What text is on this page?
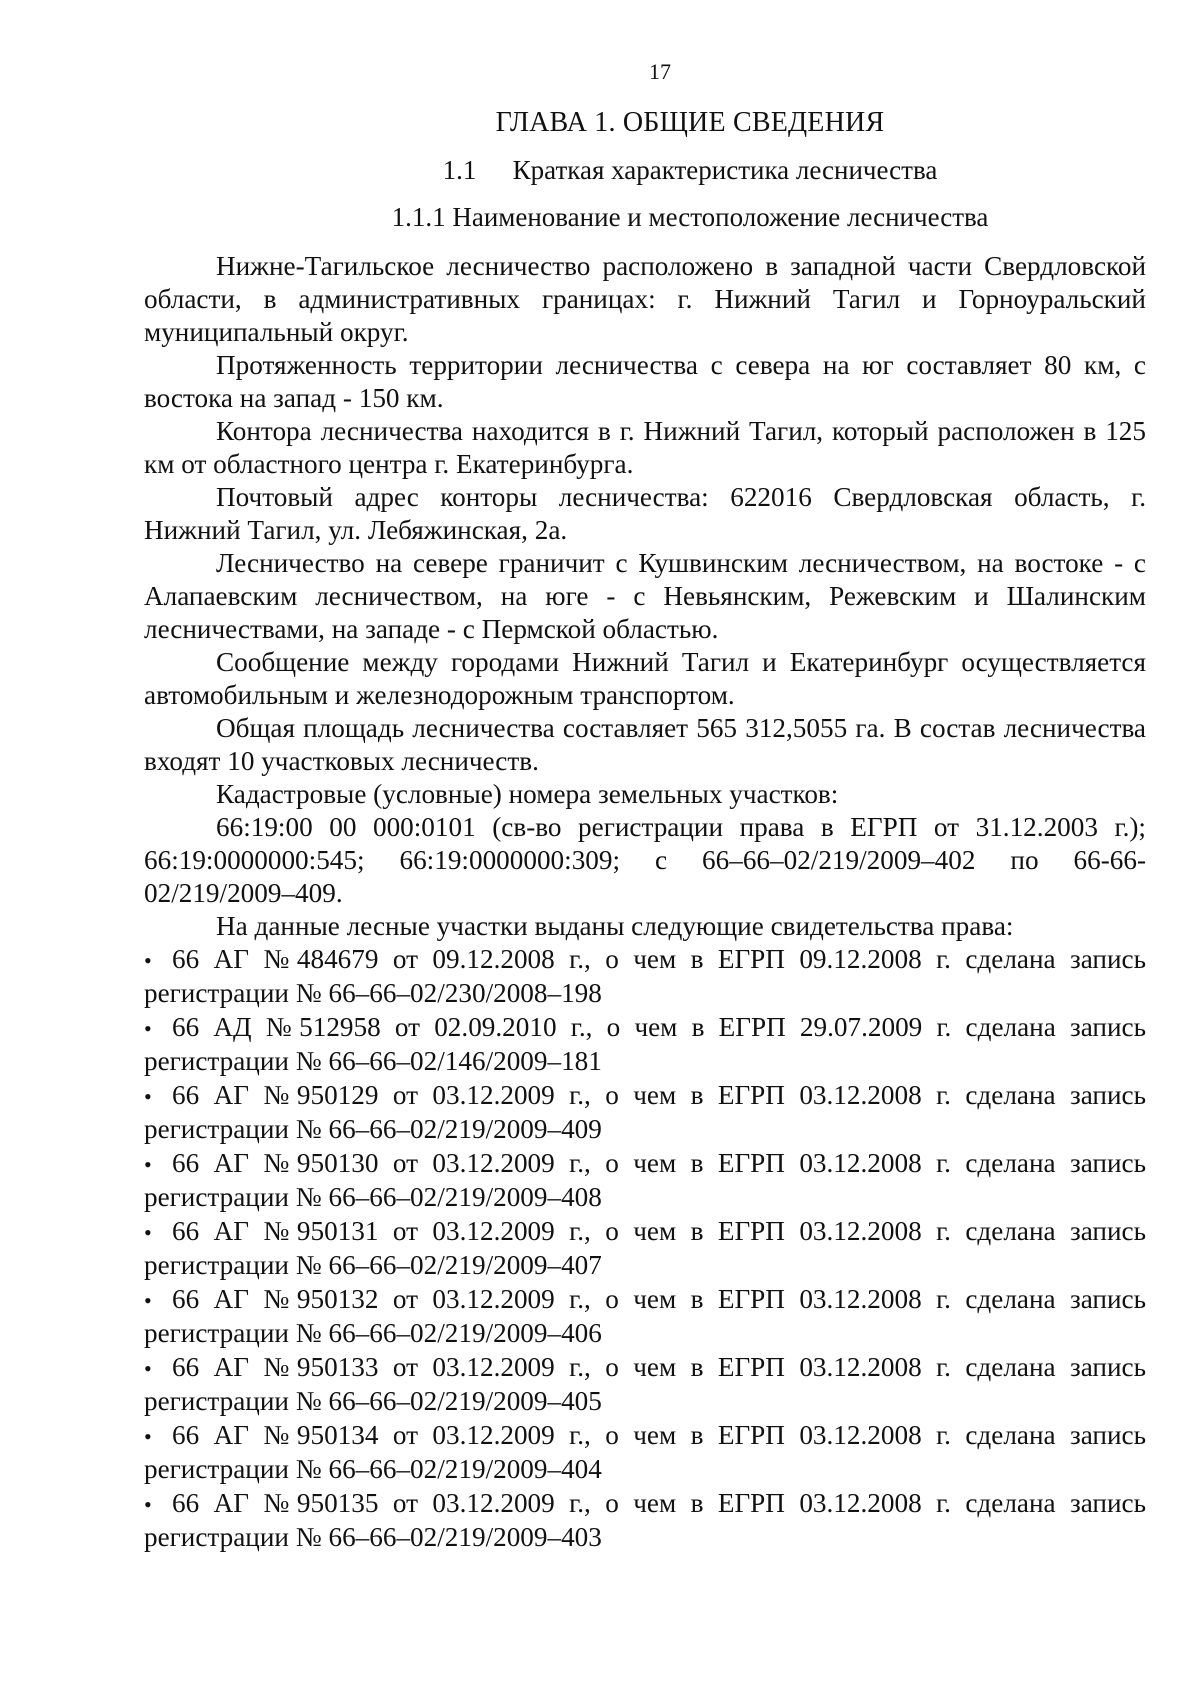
17
ГЛАВА 1. ОБЩИЕ СВЕДЕНИЯ
1.1 Краткая характеристика лесничества
1.1.1 Наименование и местоположение лесничества

Нижне-Тагильское лесничество расположено в западной части Свердловской области, в административных границах: г. Нижний Тагил и Горноуральский муниципальный округ.

Протяженность территории лесничества с севера на юг составляет 80 км, с востока на запад - 150 км.

Контора лесничества находится в г. Нижний Тагил, который расположен в 125 км от областного центра г. Екатеринбурга.

Почтовый адрес конторы лесничества: 622016 Свердловская область, г. Нижний Тагил, ул. Лебяжинская, 2а.

Лесничество на севере граничит с Кушвинским лесничеством, на востоке - с Алапаевским лесничеством, на юге - с Невьянским, Режевским и Шалинским лесничествами, на западе - с Пермской областью.

Сообщение между городами Нижний Тагил и Екатеринбург осуществляется автомобильным и железнодорожным транспортом.

Общая площадь лесничества составляет 565 312,5055 га. В состав лесничества входят 10 участковых лесничеств.

Кадастровые (условные) номера земельных участков:

66:19:00 00 000:0101 (св-во регистрации права в ЕГРП от 31.12.2003 г.); 66:19:0000000:545; 66:19:0000000:309; с 66–66–02/219/2009–402 по 66-66-02/219/2009–409.

На данные лесные участки выданы следующие свидетельства права:

• 66 АГ №484679 от 09.12.2008 г., о чем в ЕГРП 09.12.2008 г. сделана запись регистрации № 66–66–02/230/2008–198
• 66 АД №512958 от 02.09.2010 г., о чем в ЕГРП 29.07.2009 г. сделана запись регистрации № 66–66–02/146/2009–181
• 66 АГ №950129 от 03.12.2009 г., о чем в ЕГРП 03.12.2008 г. сделана запись регистрации № 66–66–02/219/2009–409
• 66 АГ №950130 от 03.12.2009 г., о чем в ЕГРП 03.12.2008 г. сделана запись регистрации № 66–66–02/219/2009–408
• 66 АГ №950131 от 03.12.2009 г., о чем в ЕГРП 03.12.2008 г. сделана запись регистрации № 66–66–02/219/2009–407
• 66 АГ №950132 от 03.12.2009 г., о чем в ЕГРП 03.12.2008 г. сделана запись регистрации № 66–66–02/219/2009–406
• 66 АГ №950133 от 03.12.2009 г., о чем в ЕГРП 03.12.2008 г. сделана запись регистрации № 66–66–02/219/2009–405
• 66 АГ №950134 от 03.12.2009 г., о чем в ЕГРП 03.12.2008 г. сделана запись регистрации № 66–66–02/219/2009–404
• 66 АГ №950135 от 03.12.2009 г., о чем в ЕГРП 03.12.2008 г. сделана запись регистрации № 66–66–02/219/2009–403
